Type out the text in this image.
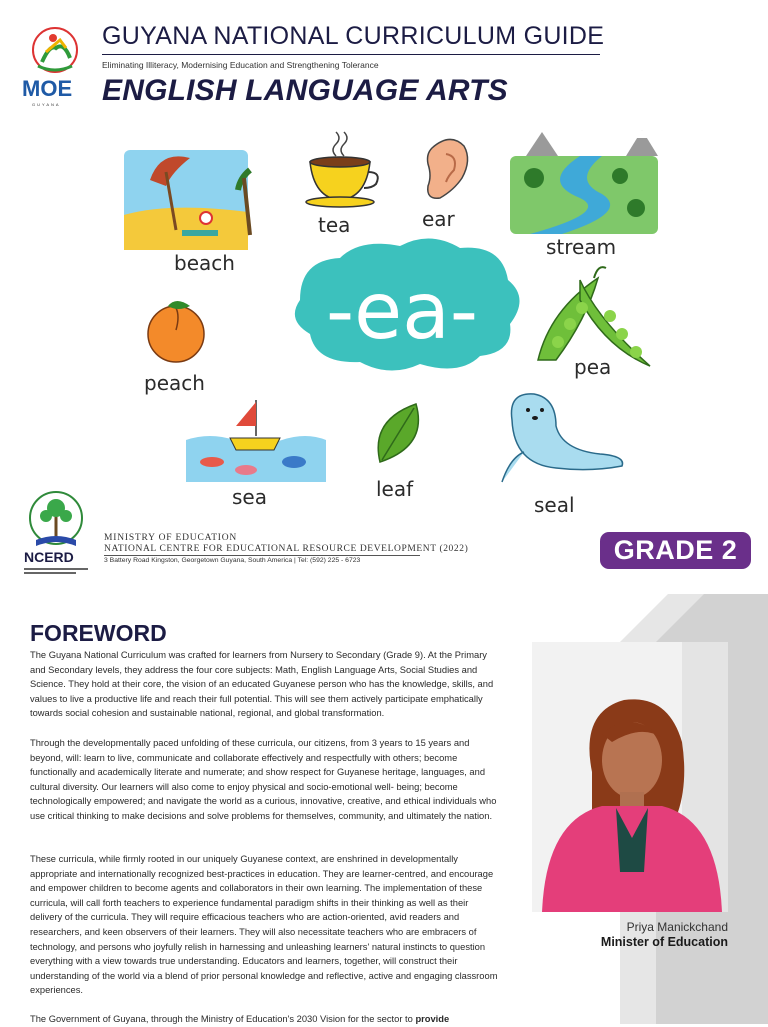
MOE
GUYANA
GUYANA NATIONAL CURRICULUM GUIDE
Eliminating Illiteracy, Modernising Education and Strengthening Tolerance
ENGLISH LANGUAGE ARTS
beach
tea	ear
stream
-ea-
peach
pea
sea	leaf
seal
NCERD
MINISTRY OF EDUCATION
NATIONAL CENTRE FOR EDUCATIONAL RESOURCE DEVELOPMENT (2022)
3 Battery Road Kingston, Georgetown Guyana, South America | Tel: (592) 225 - 6723	GRADE 2
Priya Manickchand
Minister of Education
FOREWORD

The Guyana National Curriculum was crafted for learners from Nursery to Secondary (Grade 9). At the Primary and Secondary levels, they address the four core subjects: Math, English Language Arts, Social Studies and Science. They hold at their core, the vision of an educated Guyanese person who has the knowledge, skills, and values to live a productive life and reach their full potential. This will see them actively participate emphatically towards social cohesion and sustainable national, regional, and global transformation.

Through the developmentally paced unfolding of these curricula, our citizens, from 3 years to 15 years and beyond, will: learn to live, communicate and collaborate effectively and respectfully with others; become functionally and academically literate and numerate; and show respect for Guyanese heritage, languages, and cultural diversity. Our learners will also come to enjoy physical and socio-emotional well- being; become technologically empowered; and navigate the world as a curious, innovative, creative, and ethical individuals who use critical thinking to make decisions and solve problems for themselves, community, and ultimately the nation.

These curricula, while firmly rooted in our uniquely Guyanese context, are enshrined in developmentally appropriate and internationally recognized best-practices in education. They are learner-centred, and encourage and empower children to become agents and collaborators in their own learning. The implementation of these curricula, will call forth teachers to experience fundamental paradigm shifts in their thinking as well as their delivery of the curricula. They will require efficacious teachers who are action-oriented, avid readers and researchers, and keen observers of their learners. They will also necessitate teachers who are embracers of technology, and persons who joyfully relish in harnessing and unleashing learners' natural instincts to question everything with a view towards true understanding. Educators and learners, together, will construct their understanding of the world via a blend of prior personal knowledge and reflective, active and engaging classroom experiences.

The Government of Guyana, through the Ministry of Education's 2030 Vision for the sector to provide
